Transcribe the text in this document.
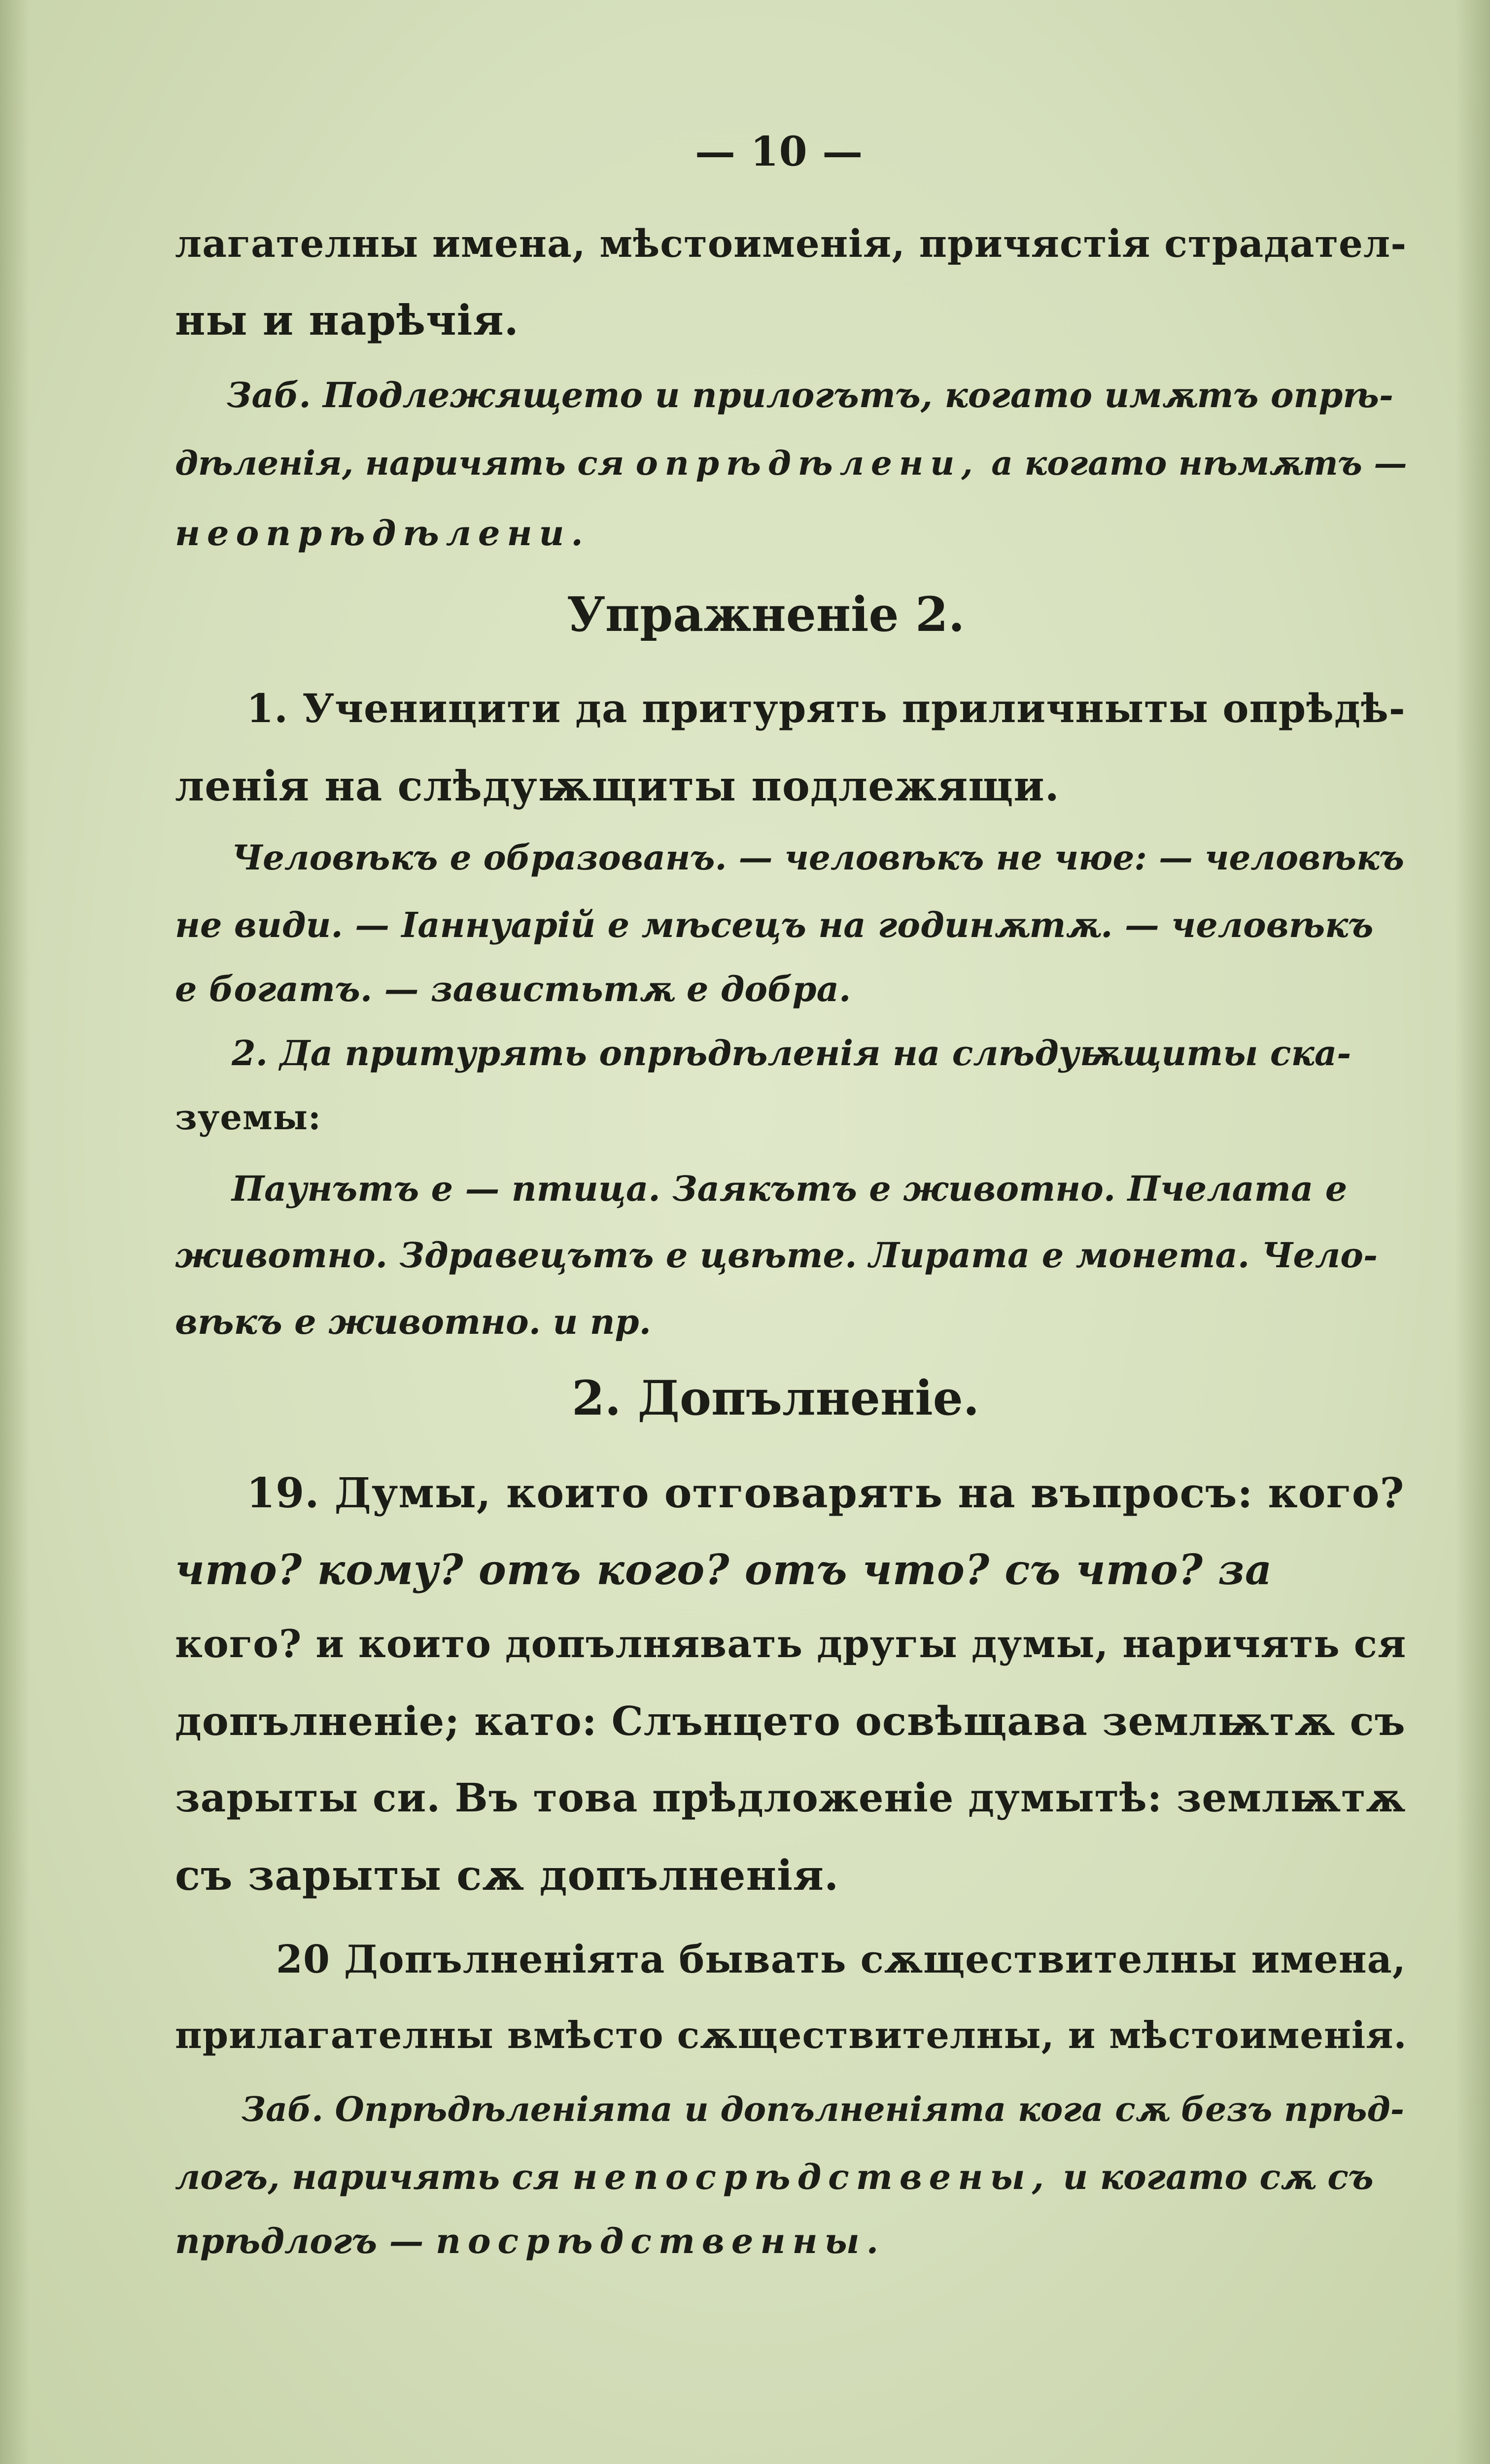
— 10 —
лагателны имена, мѣстоименія, причястія страдател-
ны и нарѣчія.
Заб. Подлежящето и прилогътъ, когато имѫтъ опрѣ-
дѣленія, наричять ся опрѣдѣлени, а когато нѣмѫтъ —
неопрѣдѣлени.
Упражненіе 2.
1. Ученицити да притурять приличныты опрѣдѣ-
ленія на слѣдуѭщиты подлежящи.
Человѣкъ е образованъ. — человѣкъ не чюе: — человѣкъ
не види. — Іаннуарій е мѣсецъ на годинѫтѫ. — человѣкъ
е богатъ. — завистьтѫ е добра.
2. Да притурять опрѣдѣленія на слѣдуѭщиты ска-
зуемы:
Паунътъ е — птица. Заякътъ е животно. Пчелата е
животно. Здравецътъ е цвѣте. Лирата е монета. Чело-
вѣкъ е животно. и пр.
2. Допълненіе.
19. Думы, които отговарять на въпросъ: кого?
что? кому? отъ кого? отъ что? съ что? за
кого? и които допълнявать другы думы, наричять ся
допълненіе; като: Слънцето освѣщава землѭтѫ съ
зарыты си. Въ това прѣдложеніе думытѣ: землѭтѫ
съ зарыты сѫ допълненія.
20 Допълненіята бывать сѫществителны имена,
прилагателны вмѣсто сѫществителны, и мѣстоименія.
Заб. Опрѣдѣленіята и допълненіята кога сѫ безъ прѣд-
логъ, наричять ся непосрѣдствены, и когато сѫ съ
прѣдлогъ — посрѣдственны.
